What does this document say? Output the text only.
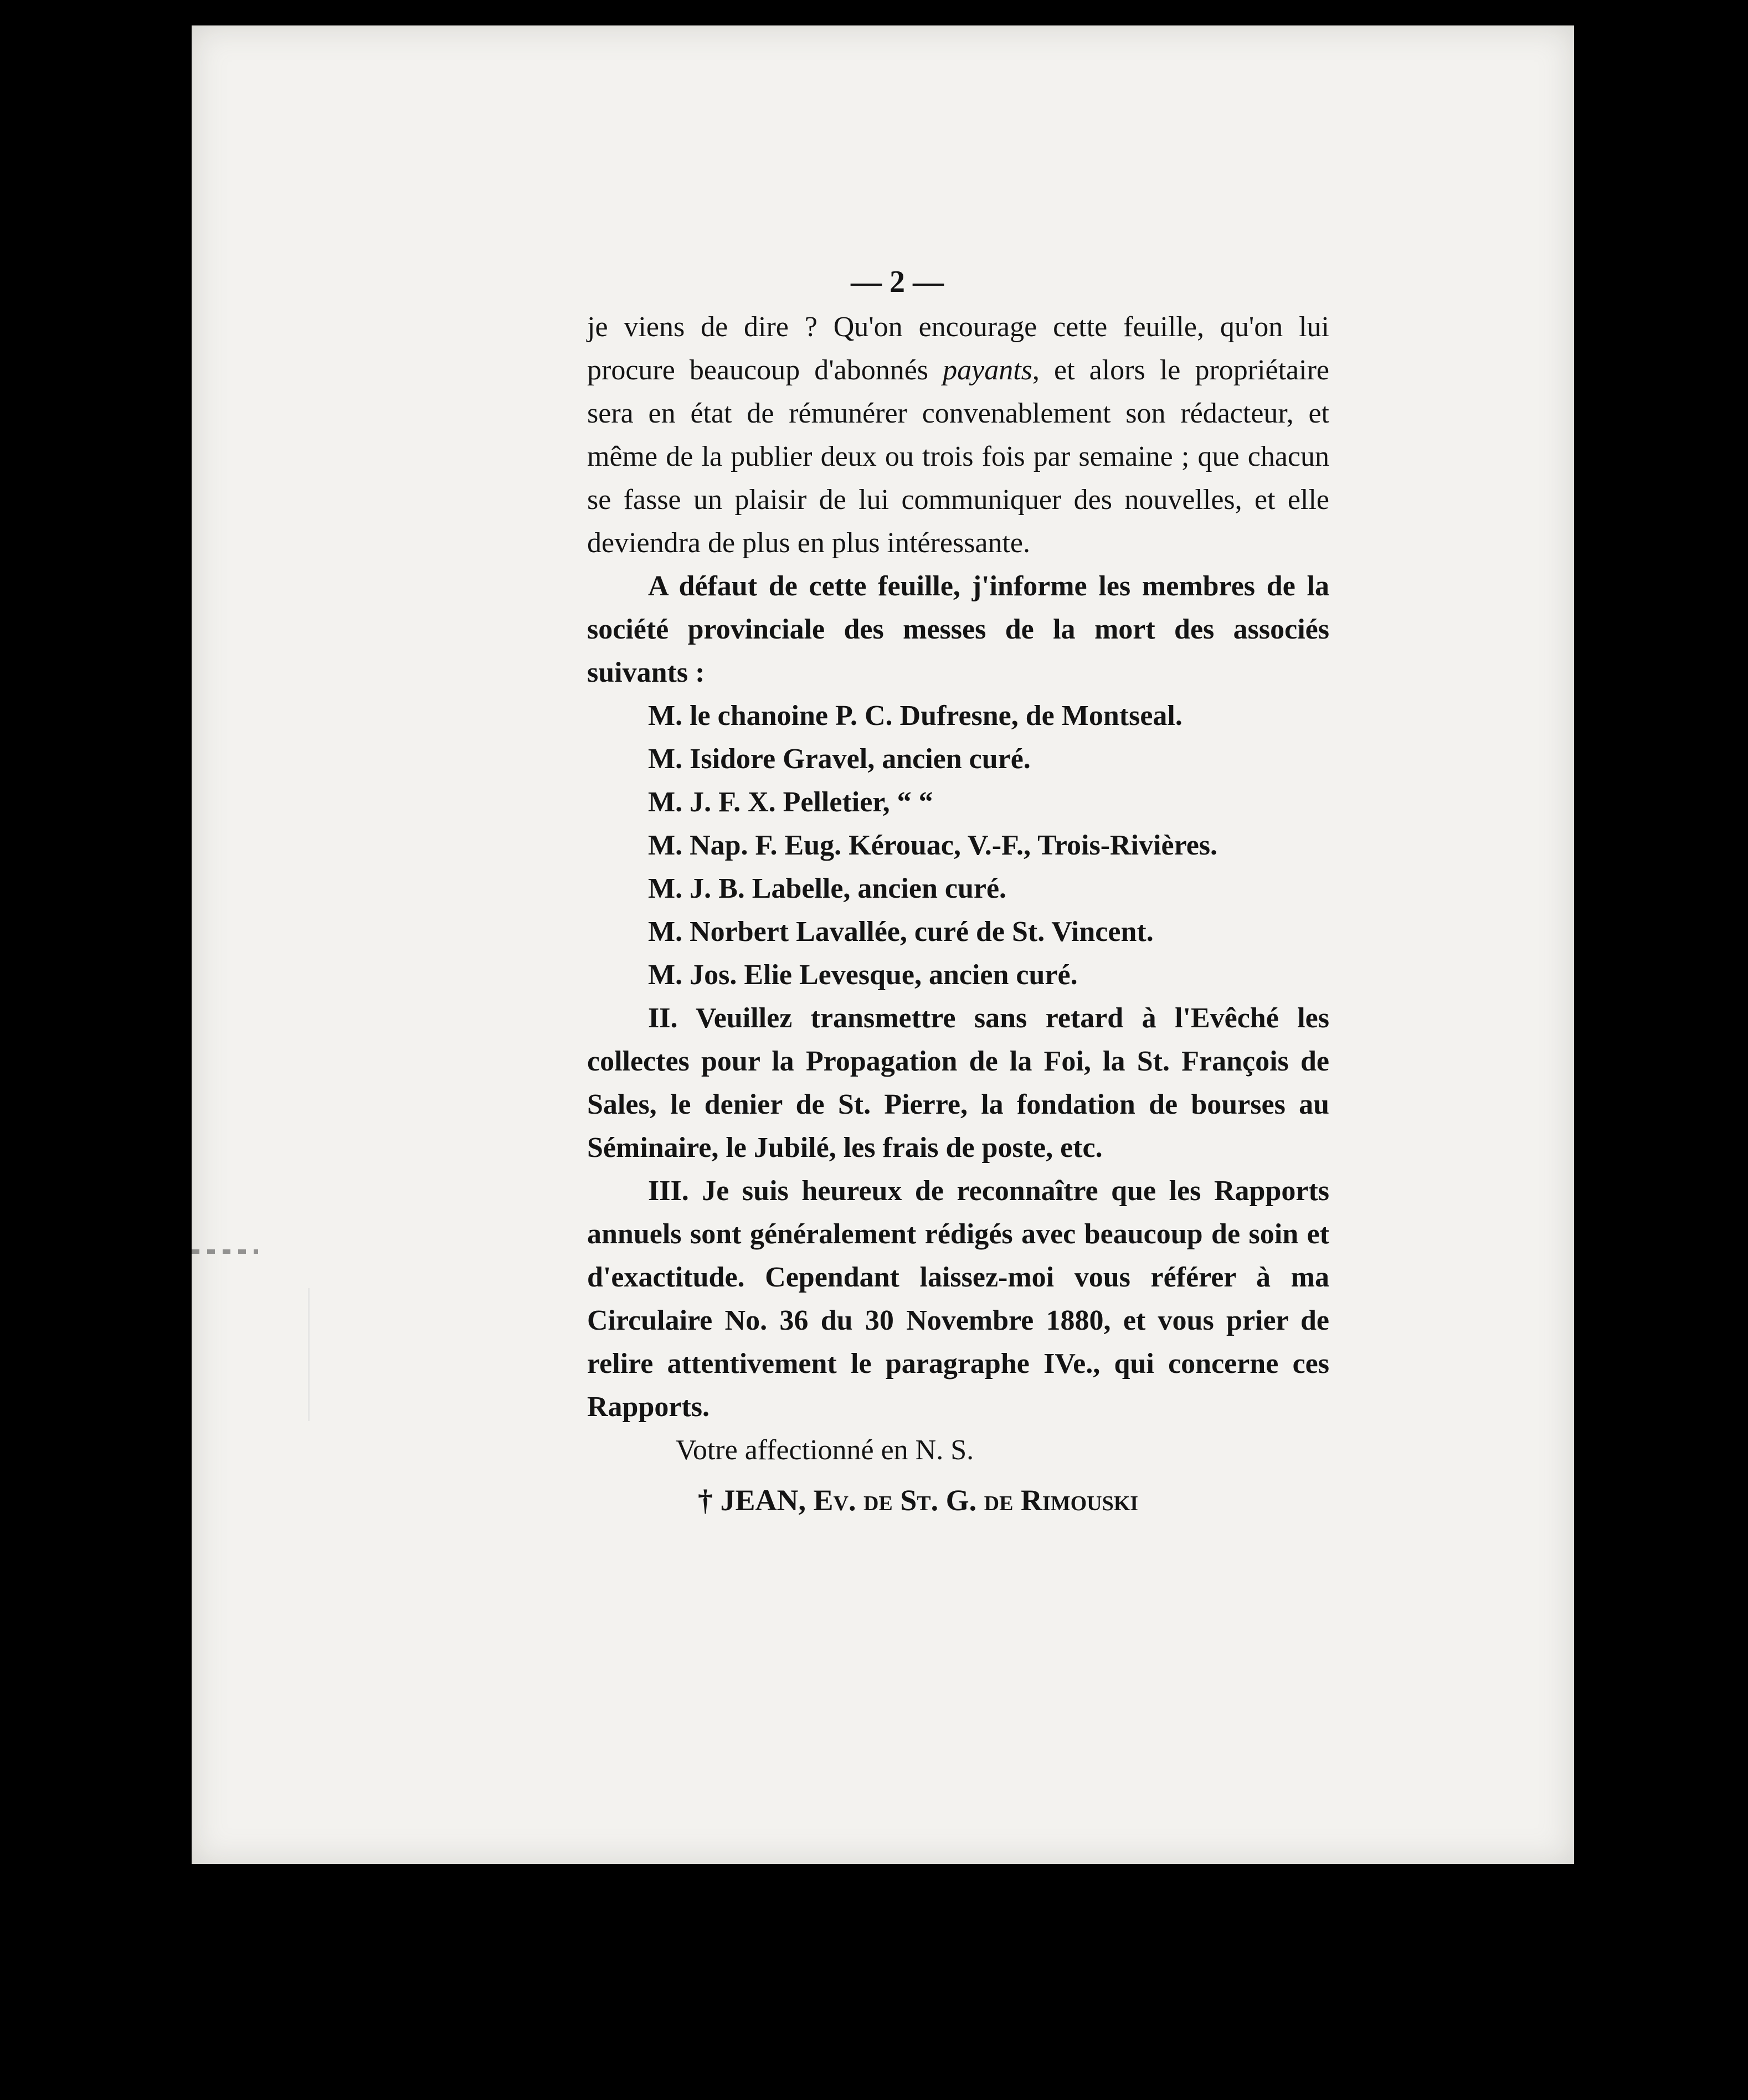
— 2 —

je viens de dire ? Qu'on encourage cette feuille, qu'on lui procure beaucoup d'abonnés payants, et alors le propriétaire sera en état de rémunérer convenablement son rédacteur, et même de la publier deux ou trois fois par semaine ; que chacun se fasse un plaisir de lui communiquer des nouvelles, et elle deviendra de plus en plus intéressante.

A défaut de cette feuille, j'informe les membres de la société provinciale des messes de la mort des associés suivants :

M. le chanoine P. C. Dufresne, de Montseal.
M. Isidore Gravel, ancien curé.
M. J. F. X. Pelletier, “ “
M. Nap. F. Eug. Kérouac, V.-F., Trois-Rivières.
M. J. B. Labelle, ancien curé.
M. Norbert Lavallée, curé de St. Vincent.
M. Jos. Elie Levesque, ancien curé.

II. Veuillez transmettre sans retard à l'Evêché les collectes pour la Propagation de la Foi, la St. François de Sales, le denier de St. Pierre, la fondation de bourses au Séminaire, le Jubilé, les frais de poste, etc.

III. Je suis heureux de reconnaître que les Rapports annuels sont généralement rédigés avec beaucoup de soin et d'exactitude. Cependant laissez-moi vous référer à ma Circulaire No. 36 du 30 Novembre 1880, et vous prier de relire attentivement le paragraphe IVe., qui concerne ces Rapports.

Votre affectionné en N. S.

† JEAN, Ev. de St. G. de Rimouski
